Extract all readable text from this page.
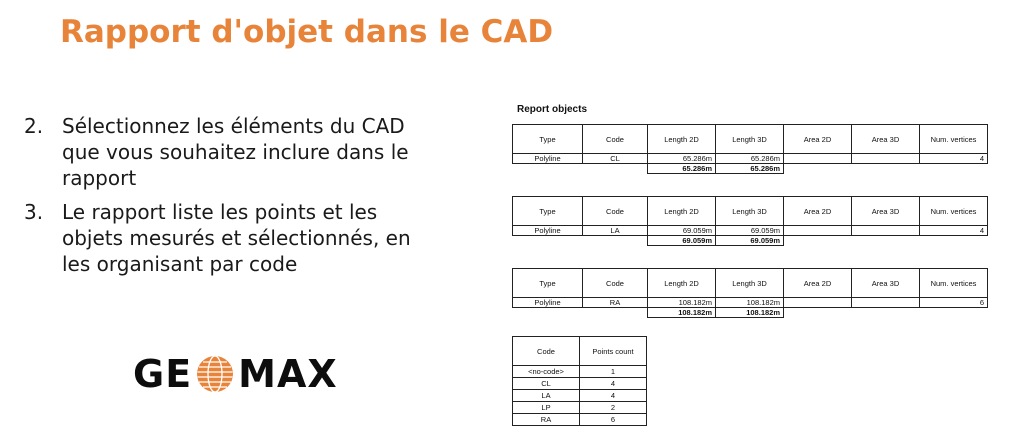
Rapport d'objet dans le CAD
2. Sélectionnez les éléments du CAD
que vous souhaitez inclure dans le
rapport
3. Le rapport liste les points et les
objets mesurés et sélectionnés, en
les organisant par code
GE MAX
Report objects
Type	Code	Length 2D	Length 3D	Area 2D	Area 3D	Num. vertices
Polyline	CL	65.286m	65.286m			4
		65.286m	65.286m			
Type	Code	Length 2D	Length 3D	Area 2D	Area 3D	Num. vertices
Polyline	LA	69.059m	69.059m			4
		69.059m	69.059m			
Type	Code	Length 2D	Length 3D	Area 2D	Area 3D	Num. vertices
Polyline	RA	108.182m	108.182m			6
		108.182m	108.182m			
Code	Points count
<no-code>	1
CL	4
LA	4
LP	2
RA	6
